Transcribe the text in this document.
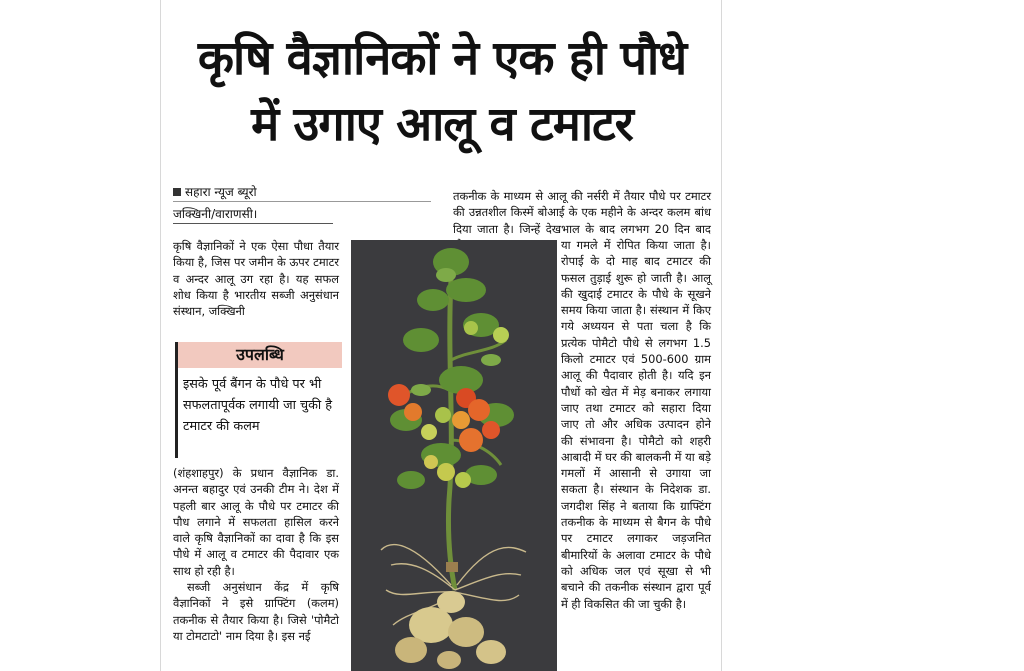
कृषि वैज्ञानिकों ने एक ही पौधे
में उगाए आलू व टमाटर
सहारा न्यूज ब्यूरो
जक्खिनी/वाराणसी।

तकनीक के माध्यम से आलू की नर्सरी में तैयार पौधे पर टमाटर की उन्नतशील किस्में बोआई के एक महीने के अन्दर कलम बांध दिया जाता है। जिन्हें देखभाल के बाद लगभग 20 दिन बाद

कृषि वैज्ञानिकों ने एक ऐसा पौधा तैयार किया है, जिस पर जमीन के ऊपर टमाटर व अन्दर आलू उग रहा है। यह सफल शोध किया है भारतीय सब्जी अनुसंधान संस्थान, जक्खिनी

उपलब्धि
इसके पूर्व बैंगन के पौधे पर भी सफलतापूर्वक लगायी जा चुकी है टमाटर की कलम

(शंहशाहपुर) के प्रधान वैज्ञानिक डा. अनन्त बहादुर एवं उनकी टीम ने। देश में पहली बार आलू के पौधे पर टमाटर की पौध लगाने में सफलता हासिल करने वाले कृषि वैज्ञानिकों का दावा है कि इस पौधे में आलू व टमाटर की पैदावार एक साथ हो रही है।

सब्जी अनुसंधान केंद्र में कृषि वैज्ञानिकों ने इसे ग्राफ्टिंग (कलम) तकनीक से तैयार किया है। जिसे 'पोमैटो या टोमटाटो' नाम दिया है। इस नई

या गमले में रोपित किया जाता है। रोपाई के दो माह बाद टमाटर की फसल तुड़ाई शुरू हो जाती है। आलू की खुदाई टमाटर के पौधे के सूखने समय किया जाता है। संस्थान में किए गये अध्ययन से पता चला है कि प्रत्येक पोमैटो पौधे से लगभग 1.5 किलो टमाटर एवं 500-600 ग्राम आलू की पैदावार होती है। यदि इन पौधों को खेत में मेड़ बनाकर लगाया जाए तथा टमाटर को सहारा दिया जाए तो और अधिक उत्पादन होने की संभावना है। पोमैटो को शहरी आबादी में घर की बालकनी में या बड़े गमलों में आसानी से उगाया जा सकता है। संस्थान के निदेशक डा. जगदीश सिंह ने बताया कि ग्राफ्टिंग तकनीक के माध्यम से बैगन के पौधे पर टमाटर लगाकर जड़जनित बीमारियों के अलावा टमाटर के पौधे को अधिक जल एवं सूखा से भी बचाने की तकनीक संस्थान द्वारा पूर्व में ही विकसित की जा चुकी है।
